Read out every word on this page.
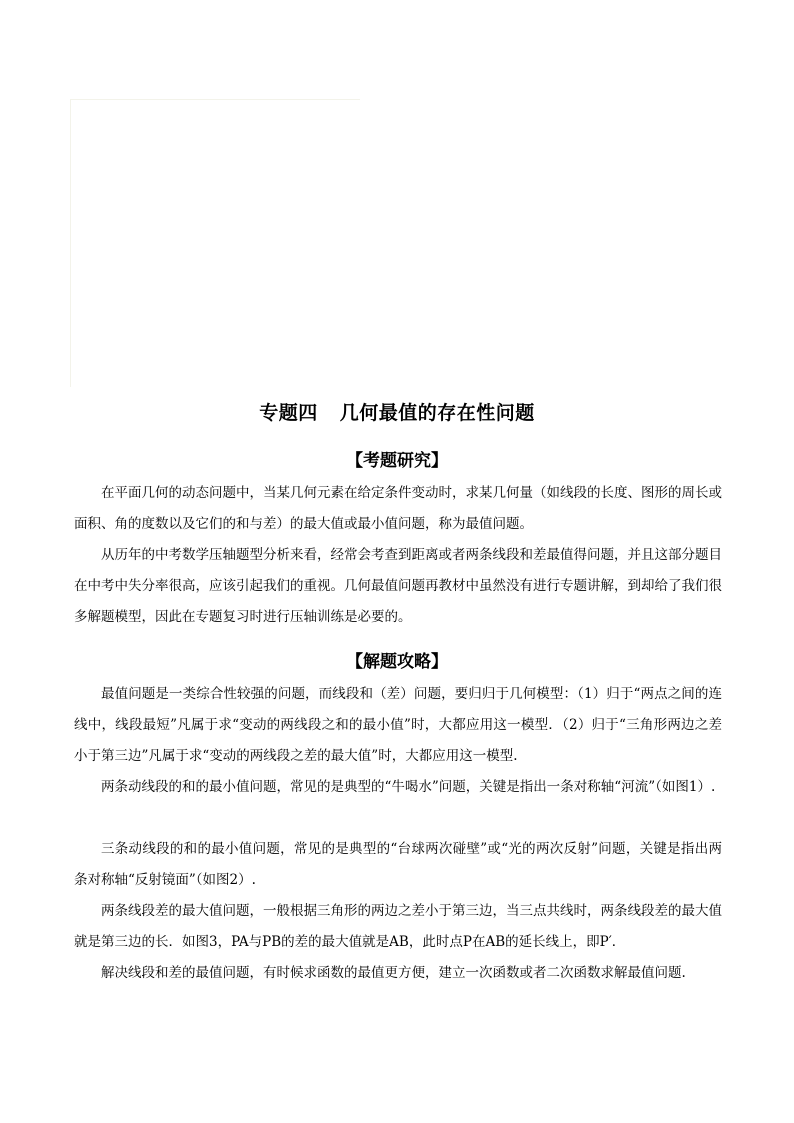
专题四 几何最值的存在性问题
【考题研究】
在平面几何的动态问题中，当某几何元素在给定条件变动时，求某几何量（如线段的长度、图形的周长或面积、角的度数以及它们的和与差）的最大值或最小值问题，称为最值问题。
从历年的中考数学压轴题型分析来看，经常会考查到距离或者两条线段和差最值得问题，并且这部分题目在中考中失分率很高，应该引起我们的重视。几何最值问题再教材中虽然没有进行专题讲解，到却给了我们很多解题模型，因此在专题复习时进行压轴训练是必要的。
【解题攻略】
最值问题是一类综合性较强的问题，而线段和（差）问题，要归归于几何模型：（1）归于“两点之间的连线中，线段最短”凡属于求“变动的两线段之和的最小值”时，大都应用这一模型．（2）归于“三角形两边之差小于第三边”凡属于求“变动的两线段之差的最大值”时，大都应用这一模型.
两条动线段的和的最小值问题，常见的是典型的“牛喝水”问题，关键是指出一条对称轴“河流”（如图1）.
三条动线段的和的最小值问题，常见的是典型的“台球两次碰壁”或“光的两次反射”问题，关键是指出两条对称轴“反射镜面”（如图2）.
两条线段差的最大值问题，一般根据三角形的两边之差小于第三边，当三点共线时，两条线段差的最大值就是第三边的长．如图3，PA与PB的差的最大值就是AB，此时点P在AB的延长线上，即P′．
解决线段和差的最值问题，有时候求函数的最值更方便，建立一次函数或者二次函数求解最值问题.
